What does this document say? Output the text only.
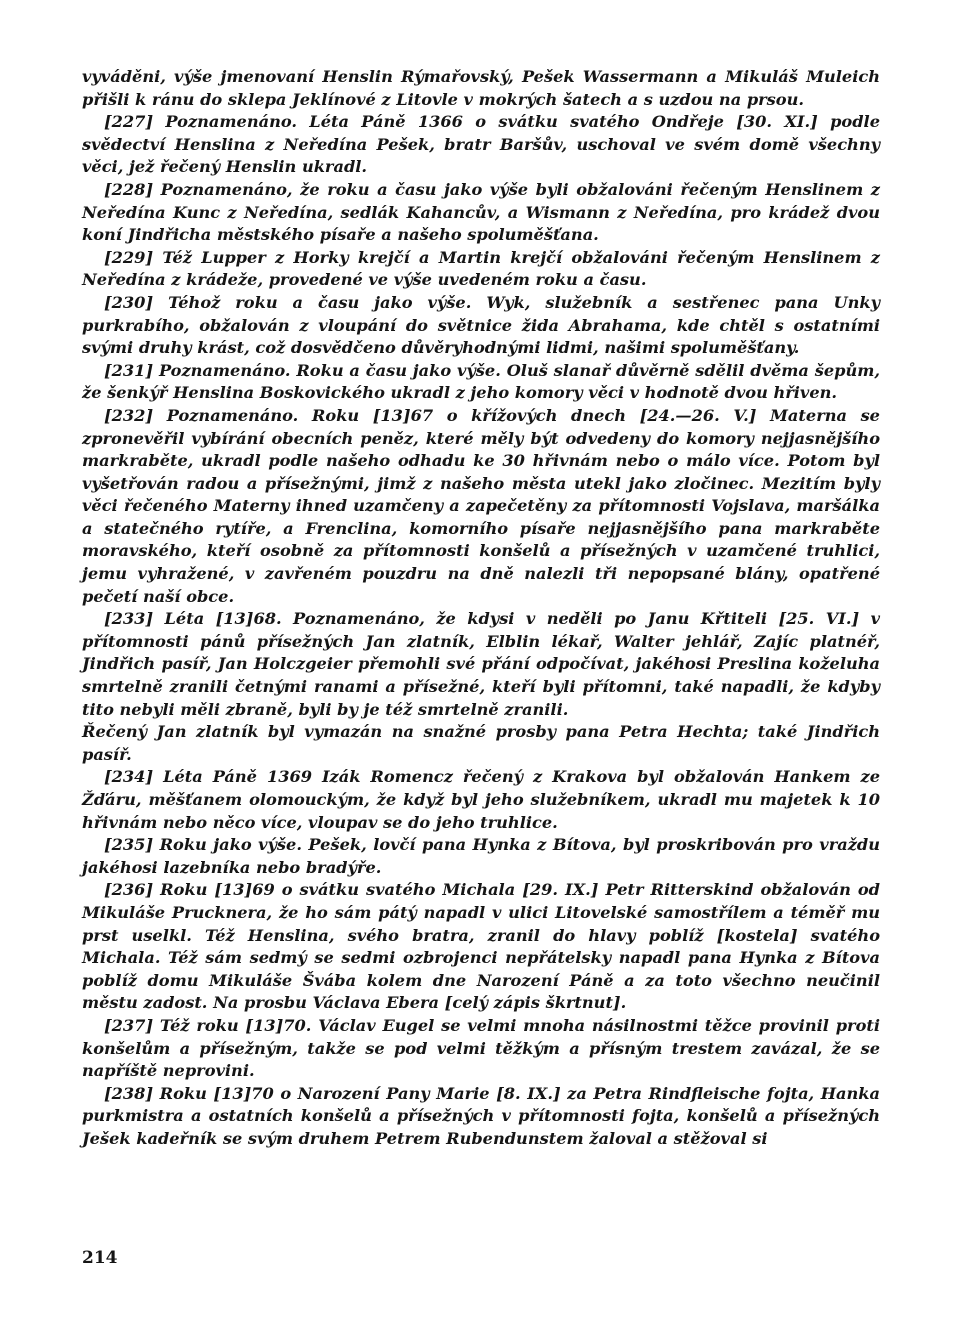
vyváděni, výše jmenovaní Henslin Rýmařovský, Pešek Wassermann a Mikuláš Muleich přišli k ránu do sklepa Jeklínové z Litovle v mokrých šatech a s uzdou na prsou.

[227] Poznamenáno. Léta Páně 1366 o svátku svatého Ondřeje [30. XI.] podle svědectví Henslina z Neředína Pešek, bratr Baršův, uschoval ve svém domě všechny věci, jež řečený Henslin ukradl.

[228] Poznamenáno, že roku a času jako výše byli obžalováni řečeným Henslinem z Neředína Kunc z Neředína, sedlák Kahancův, a Wismann z Neředína, pro krádež dvou koní Jindřicha městského písaře a našeho spoluměšťana.

[229] Též Lupper z Horky krejčí a Martin krejčí obžalováni řečeným Henslinem z Neředína z krádeže, provedené ve výše uvedeném roku a času.

[230] Téhož roku a času jako výše. Wyk, služebník a sestřenec pana Unky purkrabího, obžalován z vloupání do světnice žida Abrahama, kde chtěl s ostatními svými druhy krást, což dosvědčeno důvěryhodnými lidmi, našimi spoluměšťany.

[231] Poznamenáno. Roku a času jako výše. Oluš slanař důvěrně sdělil dvěma šepům, že šenkýř Henslina Boskovického ukradl z jeho komory věci v hodnotě dvou hřiven.

[232] Poznamenáno. Roku [13]67 o křížových dnech [24.—26. V.] Materna se zpronevěřil vybírání obecních peněz, které měly být odvedeny do komory nejjasnějšího markraběte, ukradl podle našeho odhadu ke 30 hřivnám nebo o málo více. Potom byl vyšetřován radou a přísežnými, jimž z našeho města utekl jako zločinec. Mezitím byly věci řečeného Materny ihned uzamčeny a zapečetěny za přítomnosti Vojslava, maršálka a statečného rytíře, a Frenclina, komorního písaře nejjasnějšího pana markraběte moravského, kteří osobně za přítomnosti konšelů a přísežných v uzamčené truhlici, jemu vyhražené, v zavřeném pouzdru na dně nalezli tři nepopsané blány, opatřené pečetí naší obce.

[233] Léta [13]68. Poznamenáno, že kdysi v neděli po Janu Křtiteli [25. VI.] v přítomnosti pánů přísežných Jan zlatník, Elblin lékař, Walter jehlář, Zajíc platnéř, Jindřich pasíř, Jan Holczgeier přemohli své přání odpočívat, jakéhosi Preslina koželuha smrtelně zranili četnými ranami a přísežné, kteří byli přítomni, také napadli, že kdyby tito nebyli měli zbraně, byli by je též smrtelně zranili.

Řečený Jan zlatník byl vymazán na snažné prosby pana Petra Hechta; také Jindřich pasíř.

[234] Léta Páně 1369 Izák Romencz řečený z Krakova byl obžalován Hankem ze Žďáru, měšťanem olomouckým, že když byl jeho služebníkem, ukradl mu majetek k 10 hřivnám nebo něco více, vloupav se do jeho truhlice.

[235] Roku jako výše. Pešek, lovčí pana Hynka z Bítova, byl proskribován pro vraždu jakéhosi lazebníka nebo bradýře.

[236] Roku [13]69 o svátku svatého Michala [29. IX.] Petr Ritterskind obžalován od Mikuláše Prucknera, že ho sám pátý napadl v ulici Litovelské samostřílem a téměř mu prst uselkl. Též Henslina, svého bratra, zranil do hlavy poblíž [kostela] svatého Michala. Též sám sedmý se sedmi ozbrojenci nepřátelsky napadl pana Hynka z Bítova poblíž domu Mikuláše Švába kolem dne Narození Páně a za toto všechno neučinil městu zadost. Na prosbu Václava Ebera [celý zápis škrtnut].

[237] Též roku [13]70. Václav Eugel se velmi mnoha násilnostmi těžce provinil proti konšelům a přísežným, takže se pod velmi těžkým a přísným trestem zavázal, že se napříště neprovini.

[238] Roku [13]70 o Narození Pany Marie [8. IX.] za Petra Rindfleische fojta, Hanka purkmistra a ostatních konšelů a přísežných v přítomnosti fojta, konšelů a přísežných Ješek kadeřník se svým druhem Petrem Rubendunstem žaloval a stěžoval si

214
